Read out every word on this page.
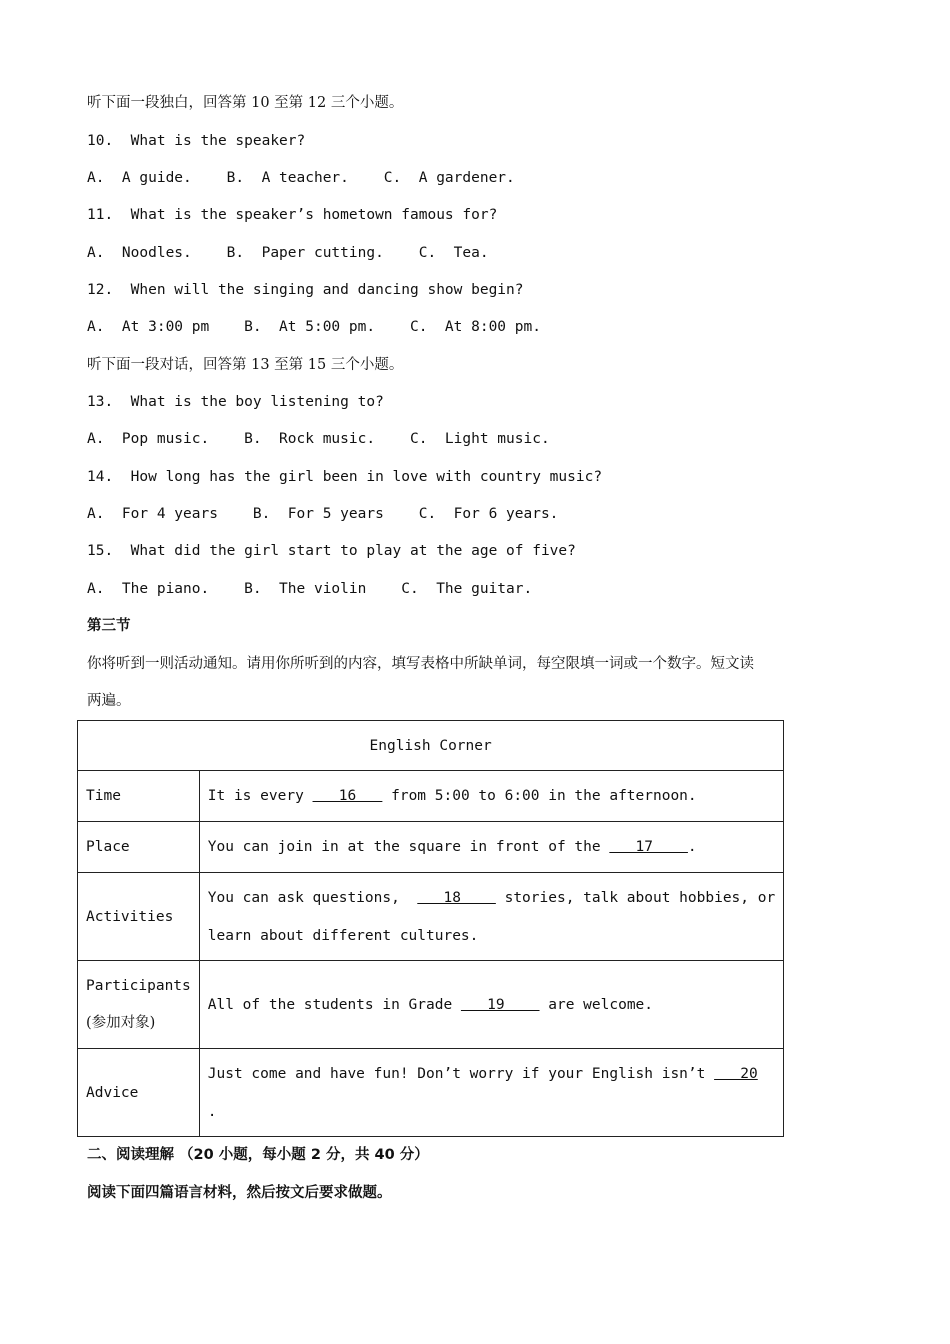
听下面一段独白，回答第 10 至第 12 三个小题。
10.  What is the speaker?
A.  A guide.    B.  A teacher.    C.  A gardener.
11.  What is the speaker’s hometown famous for?
A.  Noodles.    B.  Paper cutting.    C.  Tea.
12.  When will the singing and dancing show begin?
A.  At 3:00 pm    B.  At 5:00 pm.    C.  At 8:00 pm.
听下面一段对话，回答第 13 至第 15 三个小题。
13.  What is the boy listening to?
A.  Pop music.    B.  Rock music.    C.  Light music.
14.  How long has the girl been in love with country music?
A.  For 4 years    B.  For 5 years    C.  For 6 years.
15.  What did the girl start to play at the age of five?
A.  The piano.    B.  The violin    C.  The guitar.
第三节
你将听到一则活动通知。请用你所听到的内容，填写表格中所缺单词，每空限填一词或一个数字。短文读
两遍。
English Corner	
Time	It is every    16    from 5:00 to 6:00 in the afternoon.
Place	You can join in at the square in front of the    17    .
Activities	You can ask questions,     18     stories, talk about hobbies, or
learn about different cultures.

Participants
(参加对象)	All of the students in Grade    19     are welcome.
Advice	Just come and have fun! Don’t worry if your English isn’t    20
.
二、阅读理解 （20 小题，每小题 2 分，共 40 分）
阅读下面四篇语言材料，然后按文后要求做题。
